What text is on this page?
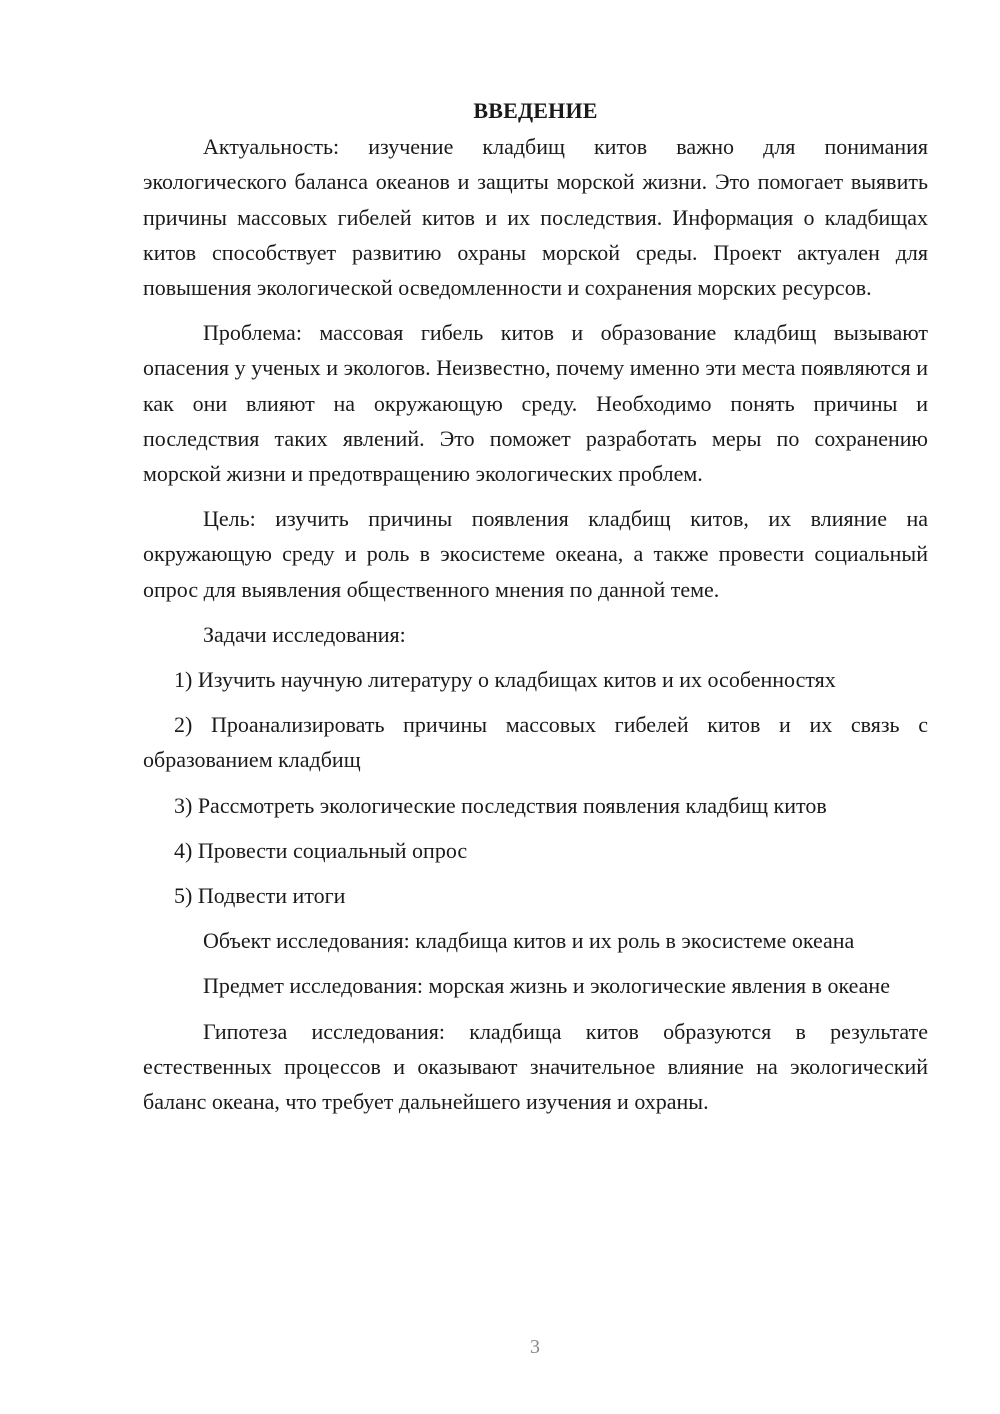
ВВЕДЕНИЕ

Актуальность: изучение кладбищ китов важно для понимания экологического баланса океанов и защиты морской жизни. Это помогает выявить причины массовых гибелей китов и их последствия. Информация о кладбищах китов способствует развитию охраны морской среды. Проект актуален для повышения экологической осведомленности и сохранения морских ресурсов.

Проблема: массовая гибель китов и образование кладбищ вызывают опасения у ученых и экологов. Неизвестно, почему именно эти места появляются и как они влияют на окружающую среду. Необходимо понять причины и последствия таких явлений. Это поможет разработать меры по сохранению морской жизни и предотвращению экологических проблем.

Цель: изучить причины появления кладбищ китов, их влияние на окружающую среду и роль в экосистеме океана, а также провести социальный опрос для выявления общественного мнения по данной теме.

Задачи исследования:

1) Изучить научную литературу о кладбищах китов и их особенностях

2) Проанализировать причины массовых гибелей китов и их связь с образованием кладбищ

3) Рассмотреть экологические последствия появления кладбищ китов

4) Провести социальный опрос

5) Подвести итоги

Объект исследования: кладбища китов и их роль в экосистеме океана

Предмет исследования: морская жизнь и экологические явления в океане

Гипотеза исследования: кладбища китов образуются в результате естественных процессов и оказывают значительное влияние на экологический баланс океана, что требует дальнейшего изучения и охраны.

3
